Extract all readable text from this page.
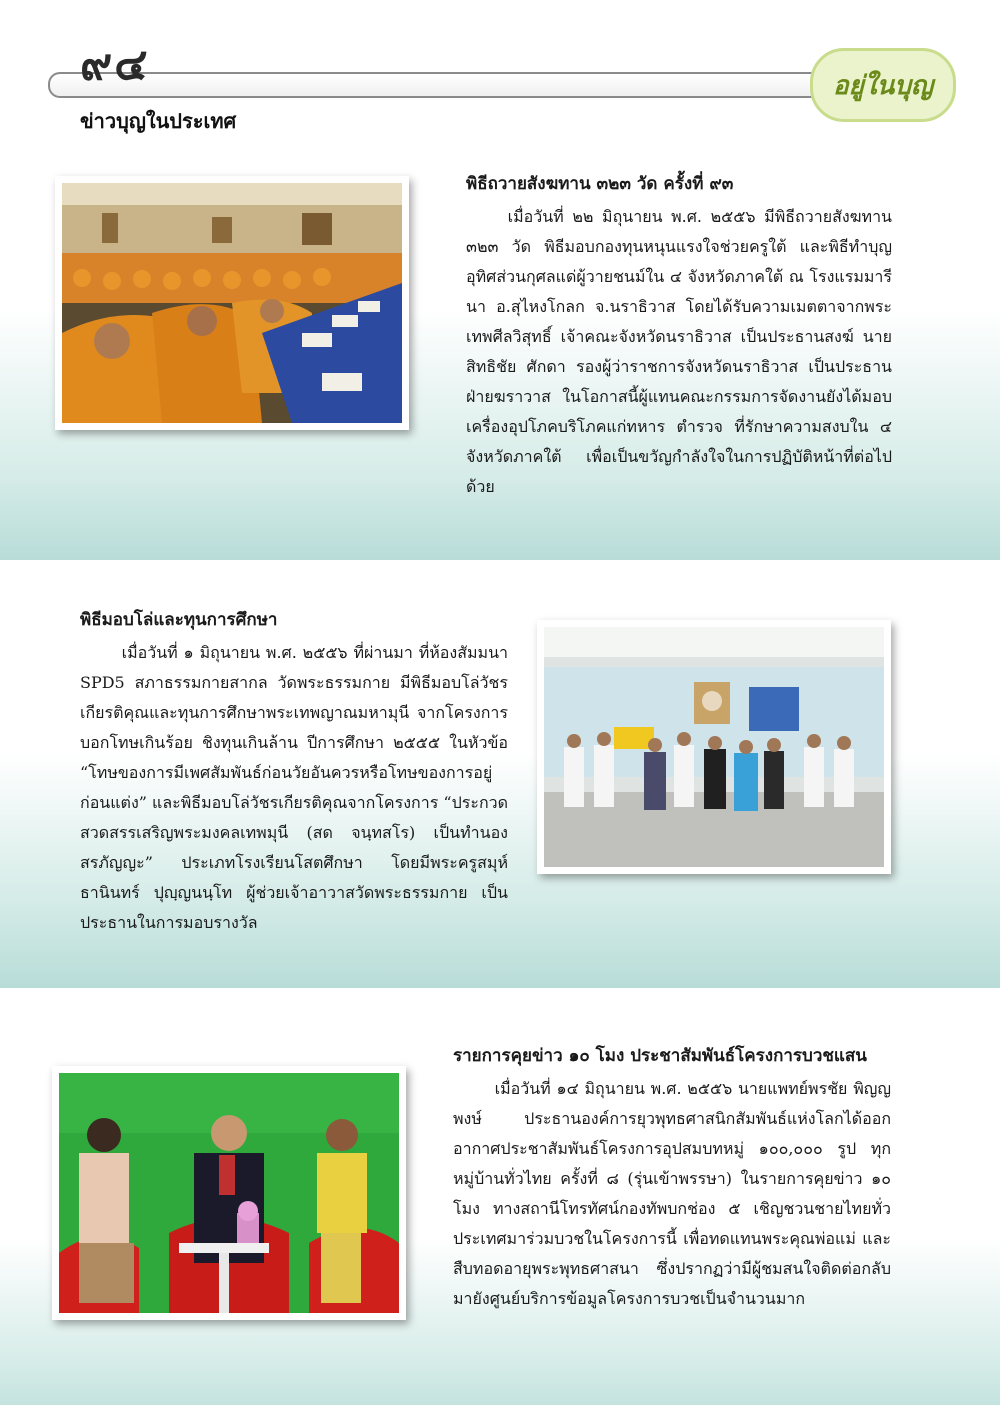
๙๔	อยู่ในบุญ
ข่าวบุญในประเทศ
พิธีถวายสังฆทาน ๓๒๓ วัด ครั้งที่ ๙๓

เมื่อวันที่ ๒๒ มิถุนายน พ.ศ. ๒๕๕๖ มีพิธีถวายสังฆทาน ๓๒๓ วัด พิธีมอบกองทุนหนุนแรงใจช่วยครูใต้ และพิธีทำบุญอุทิศส่วนกุศลแด่ผู้วายชนม์ใน ๔ จังหวัดภาคใต้ ณ โรงแรมมารีนา อ.สุไหงโกลก จ.นราธิวาส โดยได้รับความเมตตาจากพระเทพศีลวิสุทธิ์ เจ้าคณะจังหวัดนราธิวาส เป็นประธานสงฆ์ นายสิทธิชัย ศักดา รองผู้ว่าราชการจังหวัดนราธิวาส เป็นประธานฝ่ายฆราวาส ในโอกาสนี้ผู้แทนคณะกรรมการจัดงานยังได้มอบเครื่องอุปโภคบริโภคแก่ทหาร ตำรวจ ที่รักษาความสงบใน ๔ จังหวัดภาคใต้ เพื่อเป็นขวัญกำลังใจในการปฏิบัติหน้าที่ต่อไปด้วย

พิธีมอบโล่และทุนการศึกษา

เมื่อวันที่ ๑ มิถุนายน พ.ศ. ๒๕๕๖ ที่ผ่านมา ที่ห้องสัมมนา SPD5 สภาธรรมกายสากล วัดพระธรรมกาย มีพิธีมอบโล่วัชรเกียรติคุณและทุนการศึกษาพระเทพญาณมหามุนี จากโครงการบอกโทษเกินร้อย ชิงทุนเกินล้าน ปีการศึกษา ๒๕๕๕ ในหัวข้อ “โทษของการมีเพศสัมพันธ์ก่อนวัยอันควรหรือโทษของการอยู่ก่อนแต่ง” และพิธีมอบโล่วัชรเกียรติคุณจากโครงการ “ประกวดสวดสรรเสริญพระมงคลเทพมุนี (สด จนฺทสโร) เป็นทำนองสรภัญญะ” ประเภทโรงเรียนโสตศึกษา โดยมีพระครูสมุห์ธานินทร์ ปุญฺญนนฺโท ผู้ช่วยเจ้าอาวาสวัดพระธรรมกาย เป็นประธานในการมอบรางวัล

รายการคุยข่าว ๑๐ โมง ประชาสัมพันธ์โครงการบวชแสน

เมื่อวันที่ ๑๔ มิถุนายน พ.ศ. ๒๕๕๖ นายแพทย์พรชัย พิญญพงษ์ ประธานองค์การยุวพุทธศาสนิกสัมพันธ์แห่งโลกได้ออกอากาศประชาสัมพันธ์โครงการอุปสมบทหมู่ ๑๐๐,๐๐๐ รูป ทุกหมู่บ้านทั่วไทย ครั้งที่ ๘ (รุ่นเข้าพรรษา) ในรายการคุยข่าว ๑๐ โมง ทางสถานีโทรทัศน์กองทัพบกช่อง ๕ เชิญชวนชายไทยทั่วประเทศมาร่วมบวชในโครงการนี้ เพื่อทดแทนพระคุณพ่อแม่ และสืบทอดอายุพระพุทธศาสนา ซึ่งปรากฏว่ามีผู้ชมสนใจติดต่อกลับมายังศูนย์บริการข้อมูลโครงการบวชเป็นจำนวนมาก
